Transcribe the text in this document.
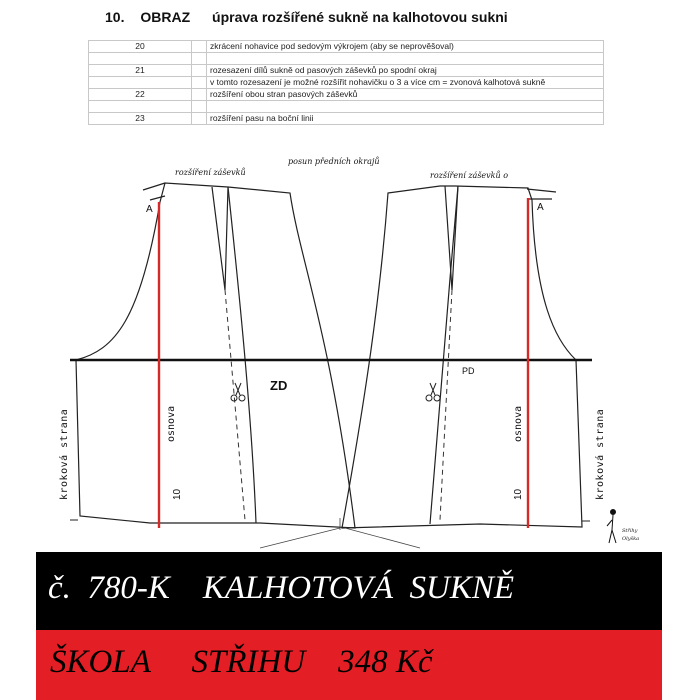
10. OBRAZ úprava rozšířené sukně na kalhotovou sukni
20		zkrácení nohavice pod sedovým výkrojem (aby se neprověšoval)

21		rozesazení dílů sukně od pasových záševků po spodní okraj
		v tomto rozesazení je možné rozšířit nohavičku o 3 a více cm = zvonová kalhotová sukně
22		rozšíření obou stran pasových záševků

23		rozšíření pasu na boční linii
rozšíření záševků
posun předních okrajů
rozšíření záševků o
A	A
ZD
PD
kroková strana	kroková strana
osnova	osnova
10	10
Střihy
Olyška
č.  780-K    KALHOTOVÁ  SUKNĚ
ŠKOLA     STŘIHU    348 Kč
